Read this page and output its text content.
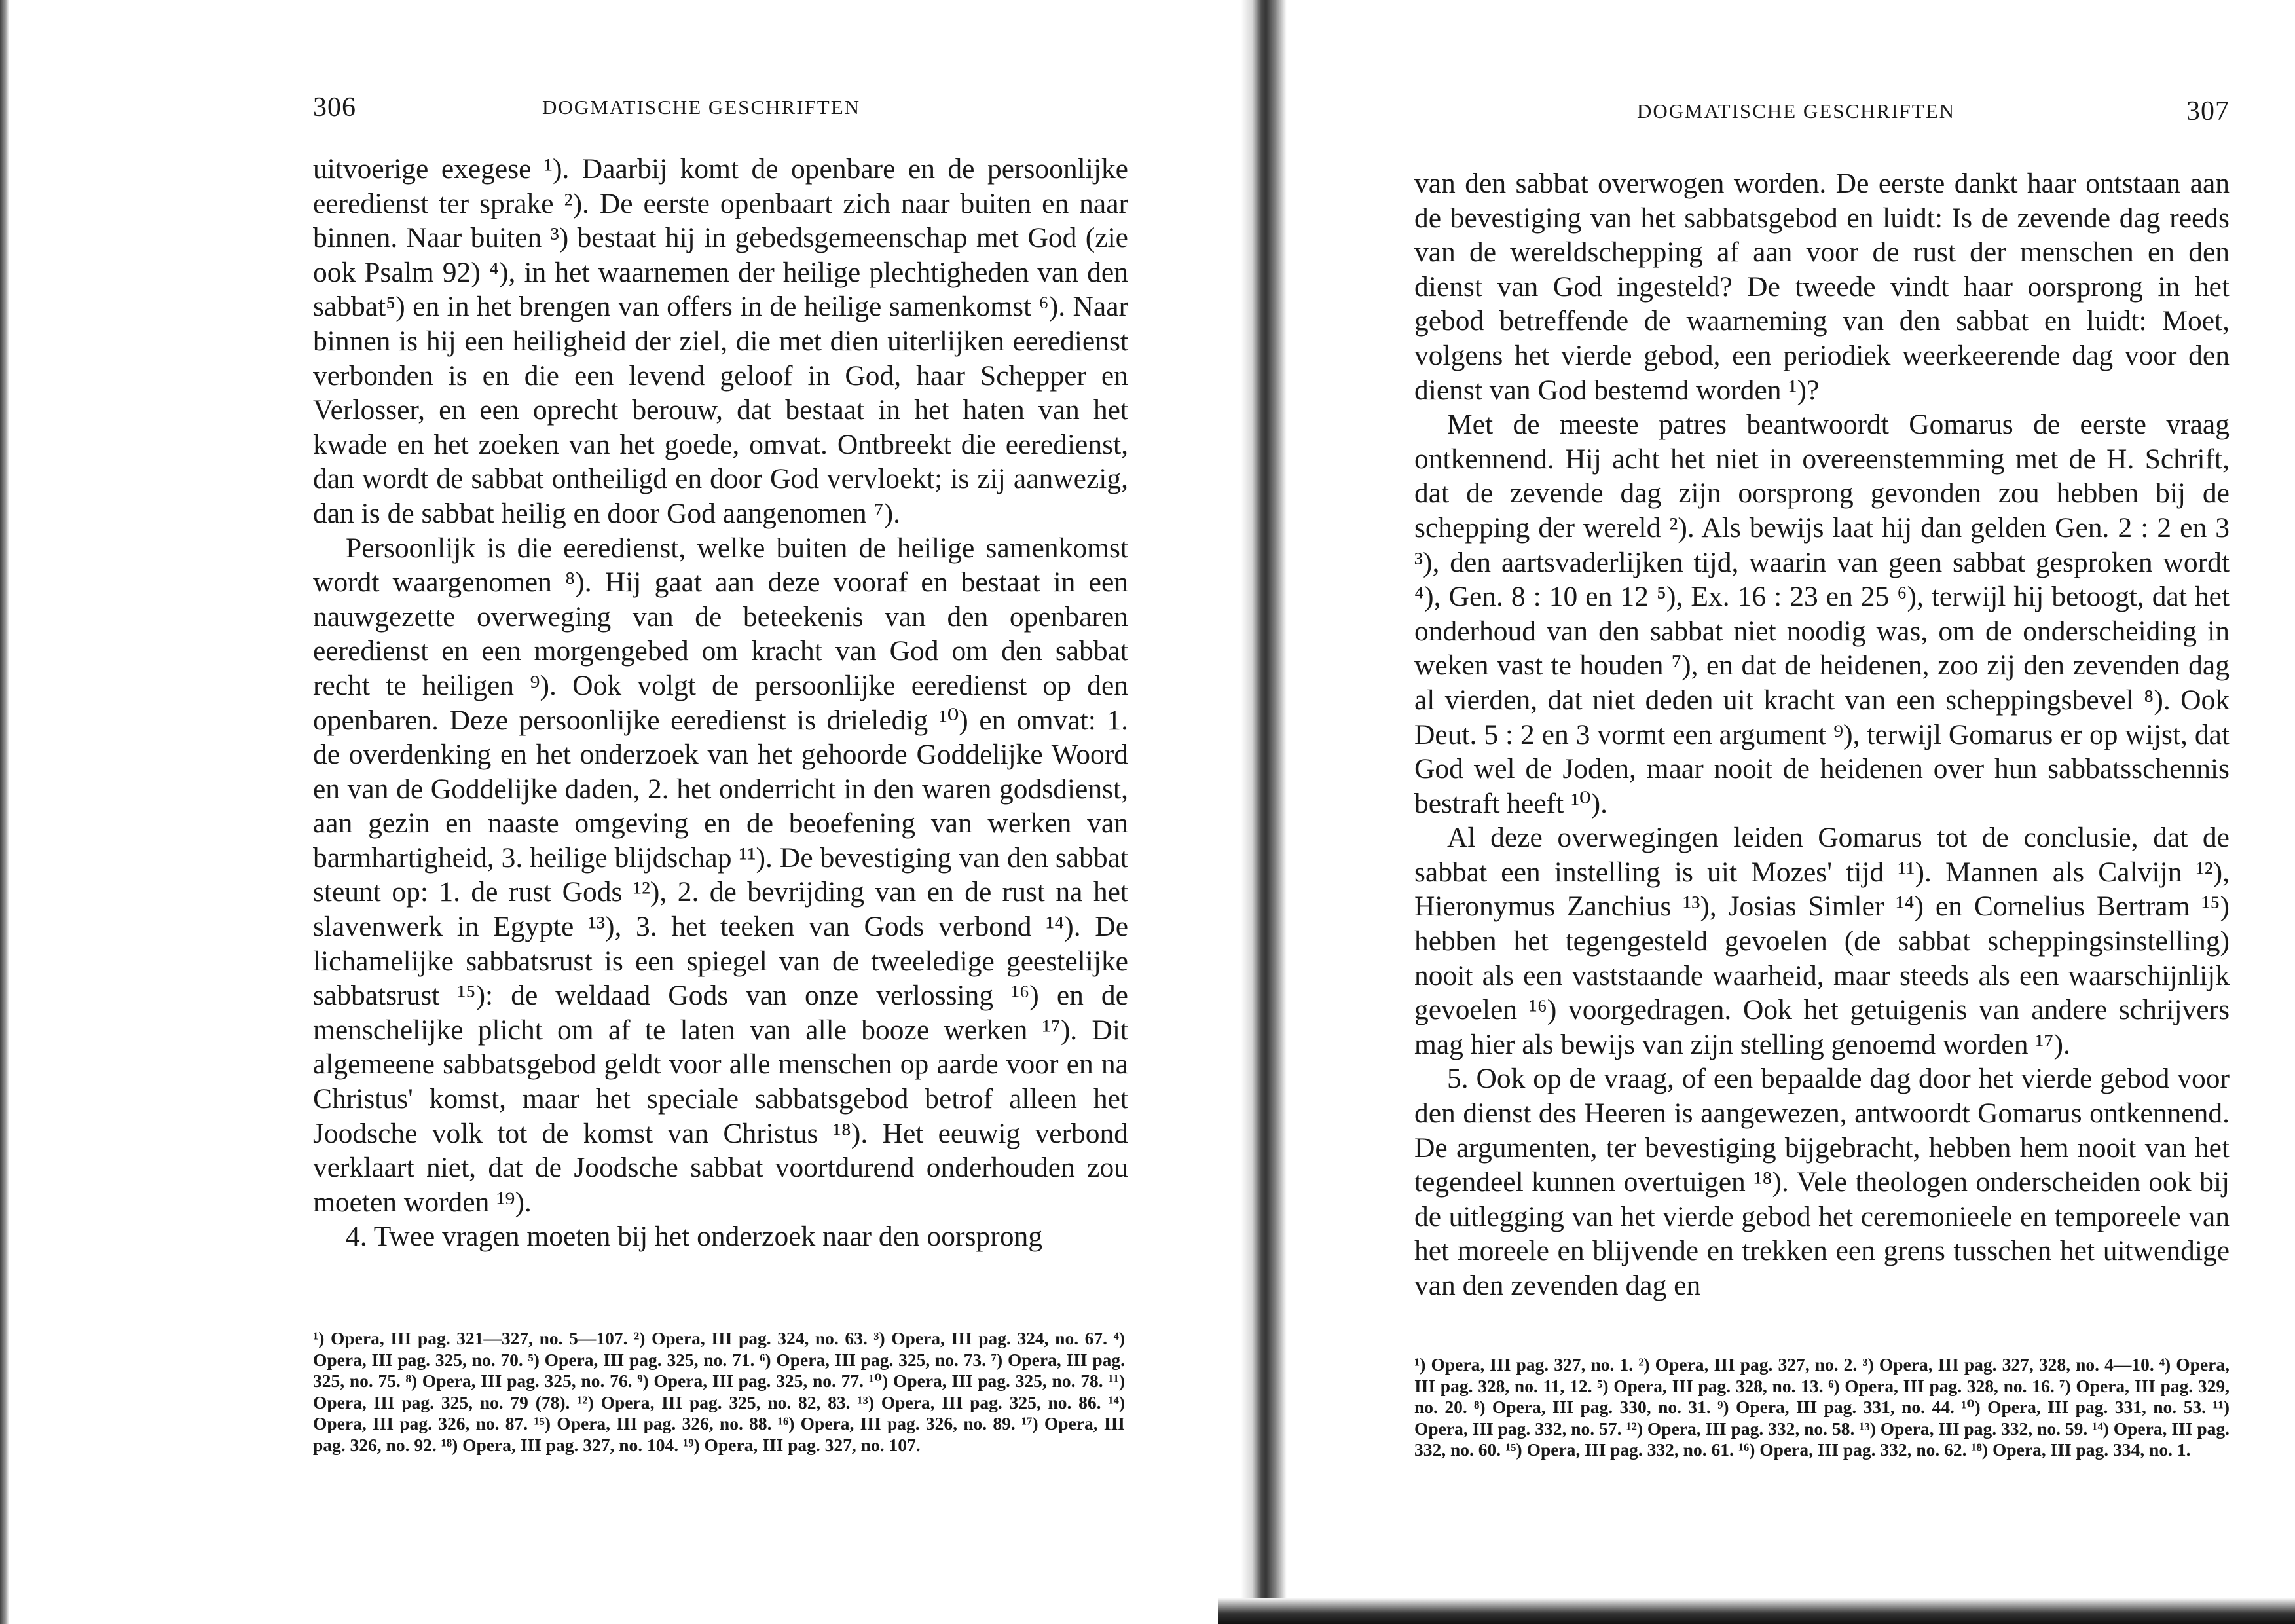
306	DOGMATISCHE GESCHRIFTEN

uitvoerige exegese ¹). Daarbij komt de openbare en de persoonlijke eeredienst ter sprake ²). De eerste openbaart zich naar buiten en naar binnen. Naar buiten ³) bestaat hij in gebedsgemeenschap met God (zie ook Psalm 92) ⁴), in het waarnemen der heilige plechtigheden van den sabbat⁵) en in het brengen van offers in de heilige samenkomst ⁶). Naar binnen is hij een heiligheid der ziel, die met dien uiterlijken eeredienst verbonden is en die een levend geloof in God, haar Schepper en Verlosser, en een oprecht berouw, dat bestaat in het haten van het kwade en het zoeken van het goede, omvat. Ontbreekt die eeredienst, dan wordt de sabbat ontheiligd en door God vervloekt; is zij aanwezig, dan is de sabbat heilig en door God aangenomen ⁷).

Persoonlijk is die eeredienst, welke buiten de heilige samenkomst wordt waargenomen ⁸). Hij gaat aan deze vooraf en bestaat in een nauwgezette overweging van de beteekenis van den openbaren eeredienst en een morgengebed om kracht van God om den sabbat recht te heiligen ⁹). Ook volgt de persoonlijke eeredienst op den openbaren. Deze persoonlijke eeredienst is drieledig ¹⁰) en omvat: 1. de overdenking en het onderzoek van het gehoorde Goddelijke Woord en van de Goddelijke daden, 2. het onderricht in den waren godsdienst, aan gezin en naaste omgeving en de beoefening van werken van barmhartigheid, 3. heilige blijdschap ¹¹). De bevestiging van den sabbat steunt op: 1. de rust Gods ¹²), 2. de bevrijding van en de rust na het slavenwerk in Egypte ¹³), 3. het teeken van Gods verbond ¹⁴). De lichamelijke sabbatsrust is een spiegel van de tweeledige geestelijke sabbatsrust ¹⁵): de weldaad Gods van onze verlossing ¹⁶) en de menschelijke plicht om af te laten van alle booze werken ¹⁷). Dit algemeene sabbatsgebod geldt voor alle menschen op aarde voor en na Christus' komst, maar het speciale sabbatsgebod betrof alleen het Joodsche volk tot de komst van Christus ¹⁸). Het eeuwig verbond verklaart niet, dat de Joodsche sabbat voortdurend onderhouden zou moeten worden ¹⁹).

4. Twee vragen moeten bij het onderzoek naar den oorsprong

¹) Opera, III pag. 321—327, no. 5—107. ²) Opera, III pag. 324, no. 63. ³) Opera, III pag. 324, no. 67. ⁴) Opera, III pag. 325, no. 70. ⁵) Opera, III pag. 325, no. 71. ⁶) Opera, III pag. 325, no. 73. ⁷) Opera, III pag. 325, no. 75. ⁸) Opera, III pag. 325, no. 76. ⁹) Opera, III pag. 325, no. 77. ¹⁰) Opera, III pag. 325, no. 78. ¹¹) Opera, III pag. 325, no. 79 (78). ¹²) Opera, III pag. 325, no. 82, 83. ¹³) Opera, III pag. 325, no. 86. ¹⁴) Opera, III pag. 326, no. 87. ¹⁵) Opera, III pag. 326, no. 88. ¹⁶) Opera, III pag. 326, no. 89. ¹⁷) Opera, III pag. 326, no. 92. ¹⁸) Opera, III pag. 327, no. 104. ¹⁹) Opera, III pag. 327, no. 107.
DOGMATISCHE GESCHRIFTEN	307

van den sabbat overwogen worden. De eerste dankt haar ontstaan aan de bevestiging van het sabbatsgebod en luidt: Is de zevende dag reeds van de wereldschepping af aan voor de rust der menschen en den dienst van God ingesteld? De tweede vindt haar oorsprong in het gebod betreffende de waarneming van den sabbat en luidt: Moet, volgens het vierde gebod, een periodiek weerkeerende dag voor den dienst van God bestemd worden ¹)?

Met de meeste patres beantwoordt Gomarus de eerste vraag ontkennend. Hij acht het niet in overeenstemming met de H. Schrift, dat de zevende dag zijn oorsprong gevonden zou hebben bij de schepping der wereld ²). Als bewijs laat hij dan gelden Gen. 2 : 2 en 3 ³), den aartsvaderlijken tijd, waarin van geen sabbat gesproken wordt ⁴), Gen. 8 : 10 en 12 ⁵), Ex. 16 : 23 en 25 ⁶), terwijl hij betoogt, dat het onderhoud van den sabbat niet noodig was, om de onderscheiding in weken vast te houden ⁷), en dat de heidenen, zoo zij den zevenden dag al vierden, dat niet deden uit kracht van een scheppingsbevel ⁸). Ook Deut. 5 : 2 en 3 vormt een argument ⁹), terwijl Gomarus er op wijst, dat God wel de Joden, maar nooit de heidenen over hun sabbatsschennis bestraft heeft ¹⁰).

Al deze overwegingen leiden Gomarus tot de conclusie, dat de sabbat een instelling is uit Mozes' tijd ¹¹). Mannen als Calvijn ¹²), Hieronymus Zanchius ¹³), Josias Simler ¹⁴) en Cornelius Bertram ¹⁵) hebben het tegengesteld gevoelen (de sabbat scheppingsinstelling) nooit als een vaststaande waarheid, maar steeds als een waarschijnlijk gevoelen ¹⁶) voorgedragen. Ook het getuigenis van andere schrijvers mag hier als bewijs van zijn stelling genoemd worden ¹⁷).

5. Ook op de vraag, of een bepaalde dag door het vierde gebod voor den dienst des Heeren is aangewezen, antwoordt Gomarus ontkennend. De argumenten, ter bevestiging bijgebracht, hebben hem nooit van het tegendeel kunnen overtuigen ¹⁸). Vele theologen onderscheiden ook bij de uitlegging van het vierde gebod het ceremonieele en temporeele van het moreele en blijvende en trekken een grens tusschen het uitwendige van den zevenden dag en

¹) Opera, III pag. 327, no. 1. ²) Opera, III pag. 327, no. 2. ³) Opera, III pag. 327, 328, no. 4—10. ⁴) Opera, III pag. 328, no. 11, 12. ⁵) Opera, III pag. 328, no. 13. ⁶) Opera, III pag. 328, no. 16. ⁷) Opera, III pag. 329, no. 20. ⁸) Opera, III pag. 330, no. 31. ⁹) Opera, III pag. 331, no. 44. ¹⁰) Opera, III pag. 331, no. 53. ¹¹) Opera, III pag. 332, no. 57. ¹²) Opera, III pag. 332, no. 58. ¹³) Opera, III pag. 332, no. 59. ¹⁴) Opera, III pag. 332, no. 60. ¹⁵) Opera, III pag. 332, no. 61. ¹⁶) Opera, III pag. 332, no. 62. ¹⁸) Opera, III pag. 334, no. 1.
